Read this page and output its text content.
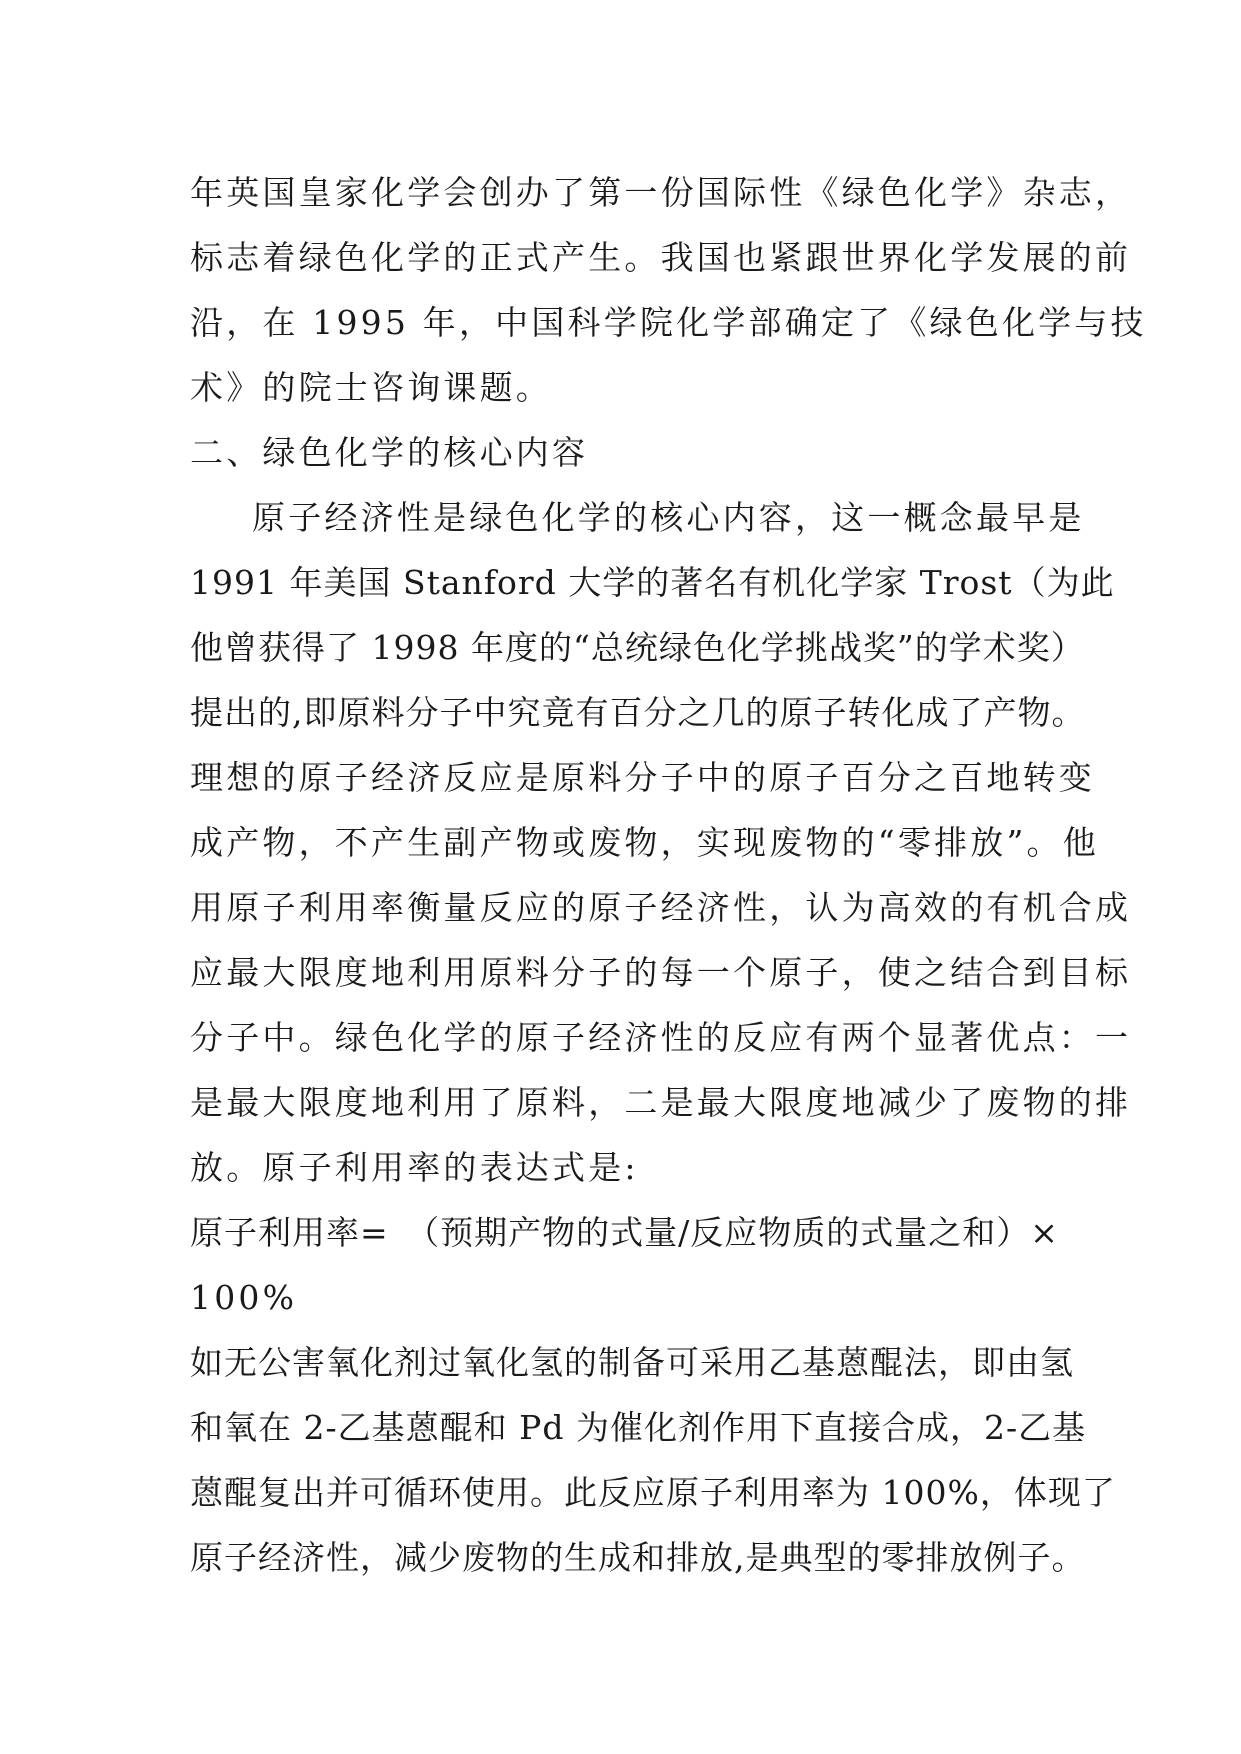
年英国皇家化学会创办了第一份国际性《绿色化学》杂志，
标志着绿色化学的正式产生。我国也紧跟世界化学发展的前
沿，在 1995 年，中国科学院化学部确定了《绿色化学与技
术》的院士咨询课题。
二、绿色化学的核心内容
原子经济性是绿色化学的核心内容，这一概念最早是
1991 年美国 Stanford 大学的著名有机化学家 Trost（为此
他曾获得了 1998 年度的“总统绿色化学挑战奖”的学术奖）
提出的,即原料分子中究竟有百分之几的原子转化成了产物。
理想的原子经济反应是原料分子中的原子百分之百地转变
成产物，不产生副产物或废物，实现废物的“零排放”。他
用原子利用率衡量反应的原子经济性，认为高效的有机合成
应最大限度地利用原料分子的每一个原子，使之结合到目标
分子中。绿色化学的原子经济性的反应有两个显著优点：一
是最大限度地利用了原料，二是最大限度地减少了废物的排
放。原子利用率的表达式是:
原子利用率=　（预期产物的式量/反应物质的式量之和）×
100%
如无公害氧化剂过氧化氢的制备可采用乙基蒽醌法，即由氢
和氧在 2-乙基蒽醌和 Pd 为催化剂作用下直接合成，2-乙基
蒽醌复出并可循环使用。此反应原子利用率为 100%，体现了
原子经济性，减少废物的生成和排放,是典型的零排放例子。
